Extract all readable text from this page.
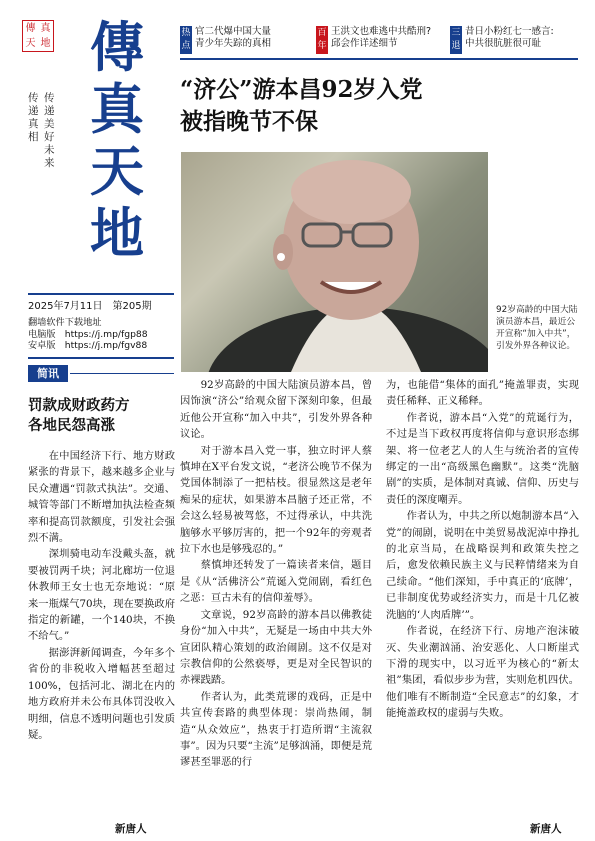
傳 真
天 地 傳
真
天
地
传递真相
传递美好未来
2025年7月11日　第205期
翻墙软件下载地址
电脑版　https://j.mp/fgp88
安卓版　https://j.mp/fgv88
热
点
官二代爆中国大量
青少年失踪的真相
百
年
王洪文也难逃中共酷刑?
邱会作详述细节
三
退
昔日小粉红七一感言:
中共很肮脏很可耻
“济公”游本昌92岁入党
被指晚节不保
92岁高龄的中国大陆演员游本昌，最近公开宣称“加入中共”，引发外界各种议论。
简讯
罚款成财政药方
各地民怨高涨

在中国经济下行、地方财政紧张的背景下，越来越多企业与民众遭遇“罚款式执法”。交通、城管等部门不断增加执法检查频率和提高罚款额度，引发社会强烈不满。

深圳骑电动车没戴头盔，就要被罚两千块；河北廊坊一位退休教师王女士也无奈地说：“原来一瓶煤气70块，现在要换政府指定的新罐，一个140块，不换不给气。”

据澎湃新闻调查，今年多个省份的非税收入增幅甚至超过100%，包括河北、湖北在内的地方政府并未公布具体罚没收入明细，信息不透明问题也引发质疑。

新唐人

92岁高龄的中国大陆演员游本昌，曾因饰演“济公”给观众留下深刻印象，但最近他公开宣称“加入中共”，引发外界各种议论。

对于游本昌入党一事，独立时评人蔡慎坤在X平台发文说，“老济公晚节不保为党国体制添了一把枯枝。很显然这是老年痴呆的症状，如果游本昌脑子还正常，不会这么轻易被驾悠，不过得承认，中共洗脑够水平够厉害的，把一个92年的旁观者拉下水也是够残忍的。”

蔡慎坤还转发了一篇读者来信，题目是《从“活佛济公”荒诞入党闹剧，看红色之恶：亘古未有的信仰羞辱》。

文章说，92岁高龄的游本昌以佛教徒身份“加入中共”，无疑是一场由中共大外宣团队精心策划的政治闹剧。这不仅是对宗教信仰的公然亵辱，更是对全民智识的赤裸践踏。

作者认为，此类荒谬的戏码，正是中共宣传套路的典型体现：崇尚热闹，制造“从众效应”，热衷于打造所谓“主流叙事”。因为只要“主流”足够汹涌，即便是荒谬甚至罪恶的行

为，也能借“集体的面孔”掩盖罪责，实现责任稀释、正义稀释。

作者说，游本昌“入党”的荒诞行为，不过是当下政权再度将信仰与意识形态绑架、将一位老艺人的人生与统治者的宣传绑定的一出“高级黑色幽默”。这类“洗脑剧”的实质，是体制对真诚、信仰、历史与责任的深度嘲弄。

作者认为，中共之所以炮制游本昌“入党”的闹剧，说明在中美贸易战泥淖中挣扎的北京当局，在战略误判和政策失控之后，愈发依赖民族主义与民粹情绪来为自己续命。“他们深知，手中真正的‘底牌’，已非制度优势或经济实力，而是十几亿被洗脑的‘人肉盾牌’”。

作者说，在经济下行、房地产泡沫破灭、失业潮汹涌、治安恶化、人口断崖式下滑的现实中，以习近平为核心的“新太祖”集团，看似步步为营，实则危机四伏。他们唯有不断制造“全民意志”的幻象，才能掩盖政权的虚弱与失败。

新唐人
